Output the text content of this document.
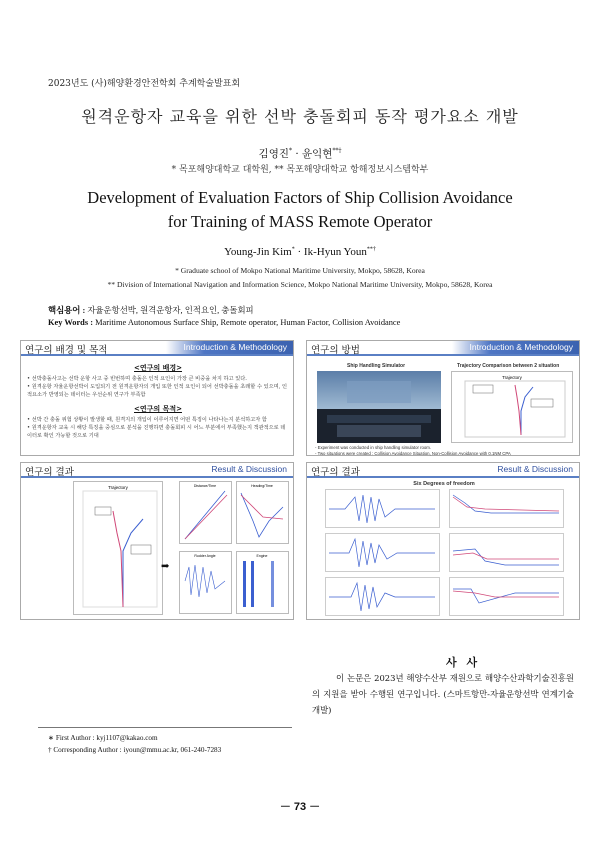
2023년도 (사)해양환경안전학회 추계학술발표회
원격운항자 교육을 위한 선박 충돌회피 동작 평가요소 개발
김영진* · 윤익현**†
* 목포해양대학교 대학원, ** 목포해양대학교 항해정보시스템학부
Development of Evaluation Factors of Ship Collision Avoidance
for Training of MASS Remote Operator
Young-Jin Kim* · Ik-Hyun Youn**†
* Graduate school of Mokpo National Maritime University, Mokpo, 58628, Korea
** Division of International Navigation and Information Science, Mokpo National Maritime University, Mokpo, 58628, Korea
핵심용어 : 자율운항선박, 원격운항자, 인적요인, 충돌회피
Key Words : Maritime Autonomous Surface Ship, Remote operator, Human Factor, Collision Avoidance
연구의 배경 및 목적	Introduction & Methodology
<연구의 배경>
• 선박충돌사고는 선박 운항 사고 중 빈번하며 충돌은 인적 요인이 가장 큰 비중을 차지 하고 있다.
• 원격운항 자율운항선박이 도입되기 전 원격운항자의 개입 또한 인적 요인이 되어 선박충돌을 초래할 수 있으며, 인적요소가 반영되는 데이터는 우선순위 연구가 부족함
<연구의 목적>
• 선박 간 충돌 위험 상황이 발생할 때, 원격지의 개입이 이루어지면 어떤 특징이 나타나는지 분석하고자 함
• 원격운항자 교육 시 해당 특징을 중심으로 분석을 진행하면 충돌회피 시 어느 부분에서 부족했는지 객관적으로 데이터로 확인 가능할 것으로 기대
연구의 방법	Introduction & Methodology
Ship Handling Simulator	Trajectory Comparison between 2 situation
Trajectory
- Experiment was conducted in ship handling simulator room.
- Two situations were created : Collision Avoidance Situation, Non-Collision Avoidance with 0.1NM CPA
연구의 결과	Result & Discussion
Trajectory
➡
Distance/Time	Heading/Time
Rudder Angle	Engine
연구의 결과	Result & Discussion
Six Degrees of freedom
사 사
이 논문은 2023년 해양수산부 재원으로 해양수산과학기술진흥원의 지원을 받아 수행된 연구입니다. (스마트항만-자율운항선박 연계기술 개발)
∗ First Author : kyj1107@kakao.com
† Corresponding Author : iyoun@mmu.ac.kr, 061-240-7283
－ 73 －
